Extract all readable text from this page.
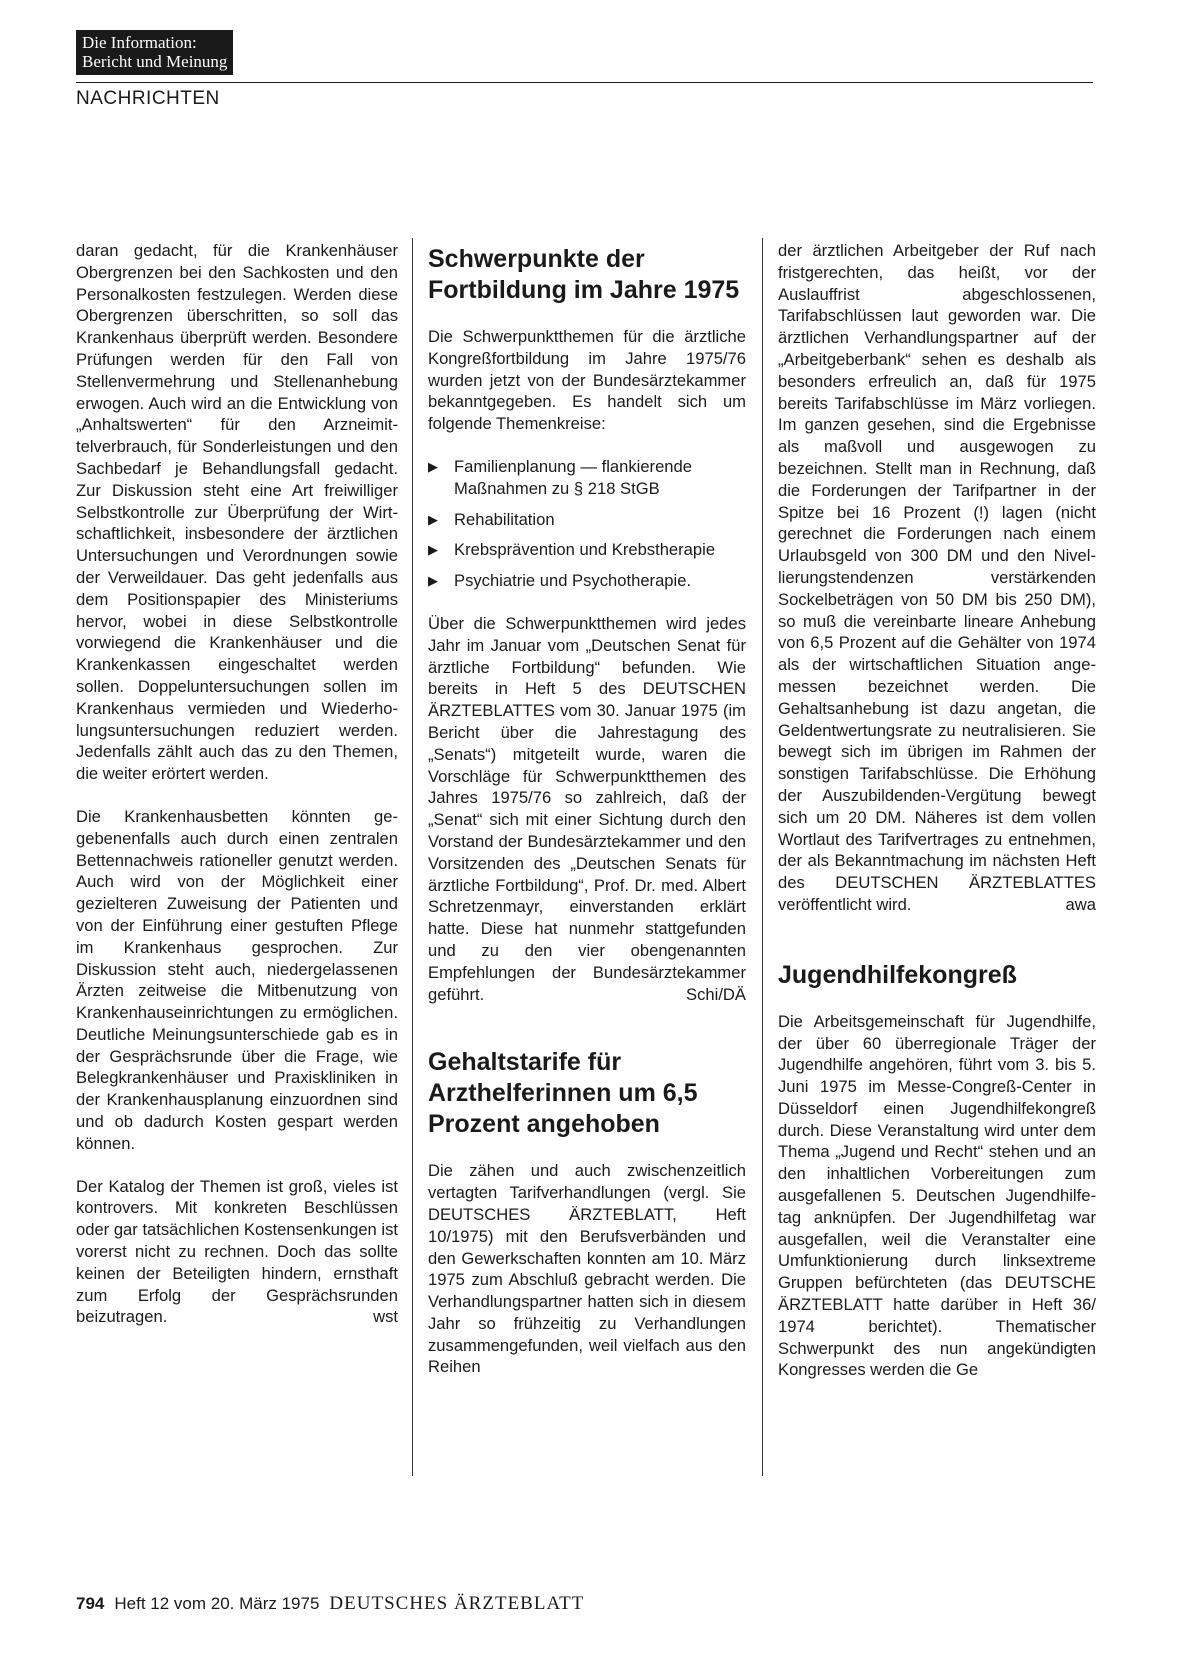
Die Information:
Bericht und Meinung
NACHRICHTEN

daran gedacht, für die Krankenhäuser Obergrenzen bei den Sachkosten und den Personalkosten festzulegen. Werden diese Obergrenzen überschritten, so soll das Krankenhaus überprüft werden. Besondere Prüfungen werden für den Fall von Stellenvermehrung und Stellenanhebung erwogen. Auch wird an die Entwicklung von „Anhaltswerten“ für den Arzneimittelverbrauch, für Sonderleistungen und den Sachbedarf je Behandlungsfall gedacht. Zur Diskussion steht eine Art freiwilliger Selbstkontrolle zur Überprüfung der Wirtschaftlichkeit, insbesondere der ärztlichen Untersuchungen und Verordnungen sowie der Verweildauer. Das geht jedenfalls aus dem Positionspapier des Ministeriums hervor, wobei in diese Selbstkontrolle vorwiegend die Krankenhäuser und die Krankenkassen eingeschaltet werden sollen. Doppeluntersuchungen sollen im Krankenhaus vermieden und Wiederholungsuntersuchungen reduziert werden. Jedenfalls zählt auch das zu den Themen, die weiter erörtert werden.

Die Krankenhausbetten könnten gegebenenfalls auch durch einen zentralen Bettennachweis rationeller genutzt werden. Auch wird von der Möglichkeit einer gezielteren Zuweisung der Patienten und von der Einführung einer gestuften Pflege im Krankenhaus gesprochen. Zur Diskussion steht auch, niedergelassenen Ärzten zeitweise die Mitbenutzung von Krankenhauseinrichtungen zu ermöglichen. Deutliche Meinungsunterschiede gab es in der Gesprächsrunde über die Frage, wie Belegkrankenhäuser und Praxiskliniken in der Krankenhausplanung einzuordnen sind und ob dadurch Kosten gespart werden können.

Der Katalog der Themen ist groß, vieles ist kontrovers. Mit konkreten Beschlüssen oder gar tatsächlichen Kostensenkungen ist vorerst nicht zu rechnen. Doch das sollte keinen der Beteiligten hindern, ernsthaft zum Erfolg der Gesprächsrunden beizutragen.	wst

Schwerpunkte der Fortbildung im Jahre 1975

Die Schwerpunktthemen für die ärztliche Kongreßfortbildung im Jahre 1975/76 wurden jetzt von der Bundesärztekammer bekanntgegeben. Es handelt sich um folgende Themenkreise:

▶ Familienplanung — flankierende Maßnahmen zu § 218 StGB
▶ Rehabilitation
▶ Krebsprävention und Krebstherapie
▶ Psychiatrie und Psychotherapie.

Über die Schwerpunktthemen wird jedes Jahr im Januar vom „Deutschen Senat für ärztliche Fortbildung“ befunden. Wie bereits in Heft 5 des DEUTSCHEN ÄRZTEBLATTES vom 30. Januar 1975 (im Bericht über die Jahrestagung des „Senats“) mitgeteilt wurde, waren die Vorschläge für Schwerpunktthemen des Jahres 1975/76 so zahlreich, daß der „Senat“ sich mit einer Sichtung durch den Vorstand der Bundesärztekammer und den Vorsitzenden des „Deutschen Senats für ärztliche Fortbildung“, Prof. Dr. med. Albert Schretzenmayr, einverstanden erklärt hatte. Diese hat nunmehr stattgefunden und zu den vier obengenannten Empfehlungen der Bundesärztekammer geführt.	Schi/DÄ

Gehaltstarife für Arzthelferinnen um 6,5 Prozent angehoben

Die zähen und auch zwischenzeitlich vertagten Tarifverhandlungen (vergl. Sie DEUTSCHES ÄRZTEBLATT, Heft 10/1975) mit den Berufsverbänden und den Gewerkschaften konnten am 10. März 1975 zum Abschluß gebracht werden. Die Verhandlungspartner hatten sich in diesem Jahr so frühzeitig zu Verhandlungen zusammengefunden, weil vielfach aus den Reihen

der ärztlichen Arbeitgeber der Ruf nach fristgerechten, das heißt, vor der Auslauffrist abgeschlossenen, Tarifabschlüssen laut geworden war. Die ärztlichen Verhandlungspartner auf der „Arbeitgeberbank“ sehen es deshalb als besonders erfreulich an, daß für 1975 bereits Tarifabschlüsse im März vorliegen. Im ganzen gesehen, sind die Ergebnisse als maßvoll und ausgewogen zu bezeichnen. Stellt man in Rechnung, daß die Forderungen der Tarifpartner in der Spitze bei 16 Prozent (!) lagen (nicht gerechnet die Forderungen nach einem Urlaubsgeld von 300 DM und den Nivellierungstendenzen verstärkenden Sockelbeträgen von 50 DM bis 250 DM), so muß die vereinbarte lineare Anhebung von 6,5 Prozent auf die Gehälter von 1974 als der wirtschaftlichen Situation angemessen bezeichnet werden. Die Gehaltsanhebung ist dazu angetan, die Geldentwertungsrate zu neutralisieren. Sie bewegt sich im übrigen im Rahmen der sonstigen Tarifabschlüsse. Die Erhöhung der Auszubildenden-Vergütung bewegt sich um 20 DM. Näheres ist dem vollen Wortlaut des Tarifvertrages zu entnehmen, der als Bekanntmachung im nächsten Heft des DEUTSCHEN ÄRZTEBLATTES veröffentlicht wird.	awa

Jugendhilfekongreß

Die Arbeitsgemeinschaft für Jugendhilfe, der über 60 überregionale Träger der Jugendhilfe angehören, führt vom 3. bis 5. Juni 1975 im Messe-Congreß-Center in Düsseldorf einen Jugendhilfekongreß durch. Diese Veranstaltung wird unter dem Thema „Jugend und Recht“ stehen und an den inhaltlichen Vorbereitungen zum ausgefallenen 5. Deutschen Jugendhilfetag anknüpfen. Der Jugendhilfetag war ausgefallen, weil die Veranstalter eine Umfunktionierung durch linksextreme Gruppen befürchteten (das DEUTSCHE ÄRZTEBLATT hatte darüber in Heft 36/ 1974 berichtet). Thematischer Schwerpunkt des nun angekündigten Kongresses werden die Ge

794 Heft 12 vom 20. März 1975 DEUTSCHES ÄRZTEBLATT
